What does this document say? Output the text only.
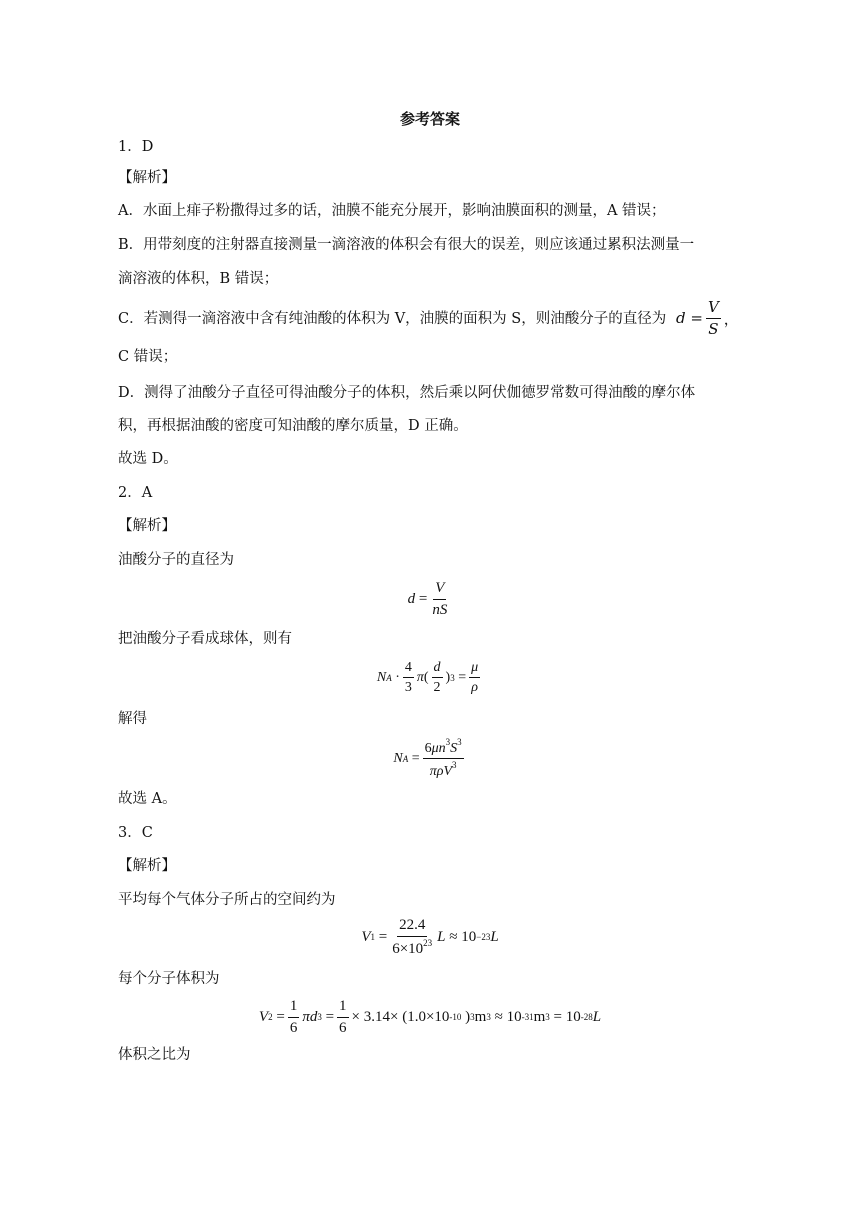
参考答案
1．D
【解析】
A．水面上痱子粉撒得过多的话，油膜不能充分展开，影响油膜面积的测量，A 错误；
B．用带刻度的注射器直接测量一滴溶液的体积会有很大的误差，则应该通过累积法测量一
滴溶液的体积，B 错误；
C．若测得一滴溶液中含有纯油酸的体积为 V，油膜的面积为 S，则油酸分子的直径为 $d = \frac{V}{S}$ ，
C 错误；
D．测得了油酸分子直径可得油酸分子的体积，然后乘以阿伏伽德罗常数可得油酸的摩尔体
积，再根据油酸的密度可知油酸的摩尔质量，D 正确。
故选 D。
2．A
【解析】
油酸分子的直径为
$d = \frac{V}{nS}$
把油酸分子看成球体，则有
N $A \cdot \frac{4}{3}$ π ( $\frac{d}{2}$ ) $3 = \frac{\mu}{\rho}$
解得
N $A = \frac{6\mu n^3S^3}{\pi\rho V^3}$
故选 A。
3．C
【解析】
平均每个气体分子所占的空间约为
V $1 = \frac{22.4}{6\times 10^{23}}$ L ≈ 10 −23 L
每个分子体积为
V $2 = \frac{1}{6}$ πd $3 = \frac{1}{6} \times 3.14\times (1.0\times 10$ -10 ) 3 m 3 ≈ 10 -31 m 3 = 10 -28 L
体积之比为
